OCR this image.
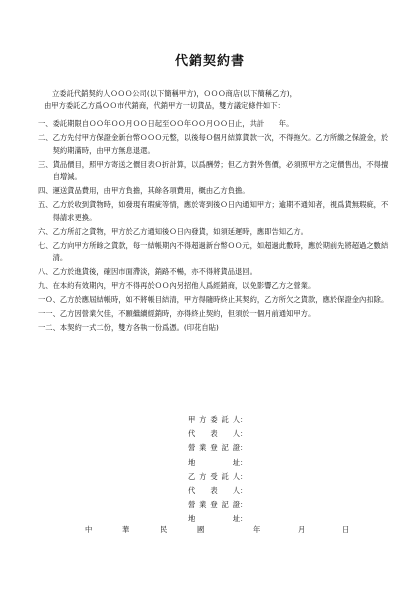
代銷契約書
立委託代銷契約人ＯＯＯ公司(以下簡稱甲方)，ＯＯＯ商店(以下簡稱乙方)，
由甲方委託乙方爲ＯＯ市代銷商，代銷甲方一切貨品，雙方議定條件如下：
一、 委託期限自ＯＯ年ＯＯ月ＯＯ日起至ＯＯ年ＯＯ月ＯＯ日止，共計　　年。
二、 乙方先付甲方保證金新台幣ＯＯＯ元整，以後每Ｏ個月結算貨款一次，不得拖欠。乙方所繳之保證金，於契約期滿時，由甲方無息退還。
三、 貨品價目，照甲方寄送之價目表Ｏ折計算，以爲酬勞；但乙方對外售價，必須照甲方之定價售出，不得擅自增減。
四、 運送貨品費用，由甲方負擔，其餘各項費用，概由乙方負擔。
五、 乙方於收到貨物時，如發現有瑕疵等情，應於寄到後Ｏ日內通知甲方；逾期不通知者，視爲貨無瑕疵，不得請求更換。
六、 乙方所訂之貨物，甲方於乙方通知後Ｏ日內發貨，如須延遲時，應即告知乙方。
七、 乙方向甲方所餘之貨款，每一結帳期內不得超過新台幣ＯＯ元，如超過此數時，應於期前先將超過之數結清。
八、 乙方於進貨後，確因市面滯淡，銷路不暢，亦不得將貨品退回。
九、 在本約有效期內，甲方不得再於ＯＯ內另招他人爲經銷商，以免影響乙方之營業。
一Ｏ、 乙方於應屆結帳時，如不將帳目結清，甲方得隨時終止其契約，乙方所欠之貨款，應於保證金內扣除。
一一、 乙方因營業欠佳，不願繼續經銷時，亦得終止契約，但須於一個月前通知甲方。
一二、 本契約一式二份，雙方各執一份爲憑。(印花自貼)
甲方委託人：
代表人：
營業登記證：
地址：
乙方受託人：
代表人：
營業登記證：
地址：
中	華	民	國	年	月	日
